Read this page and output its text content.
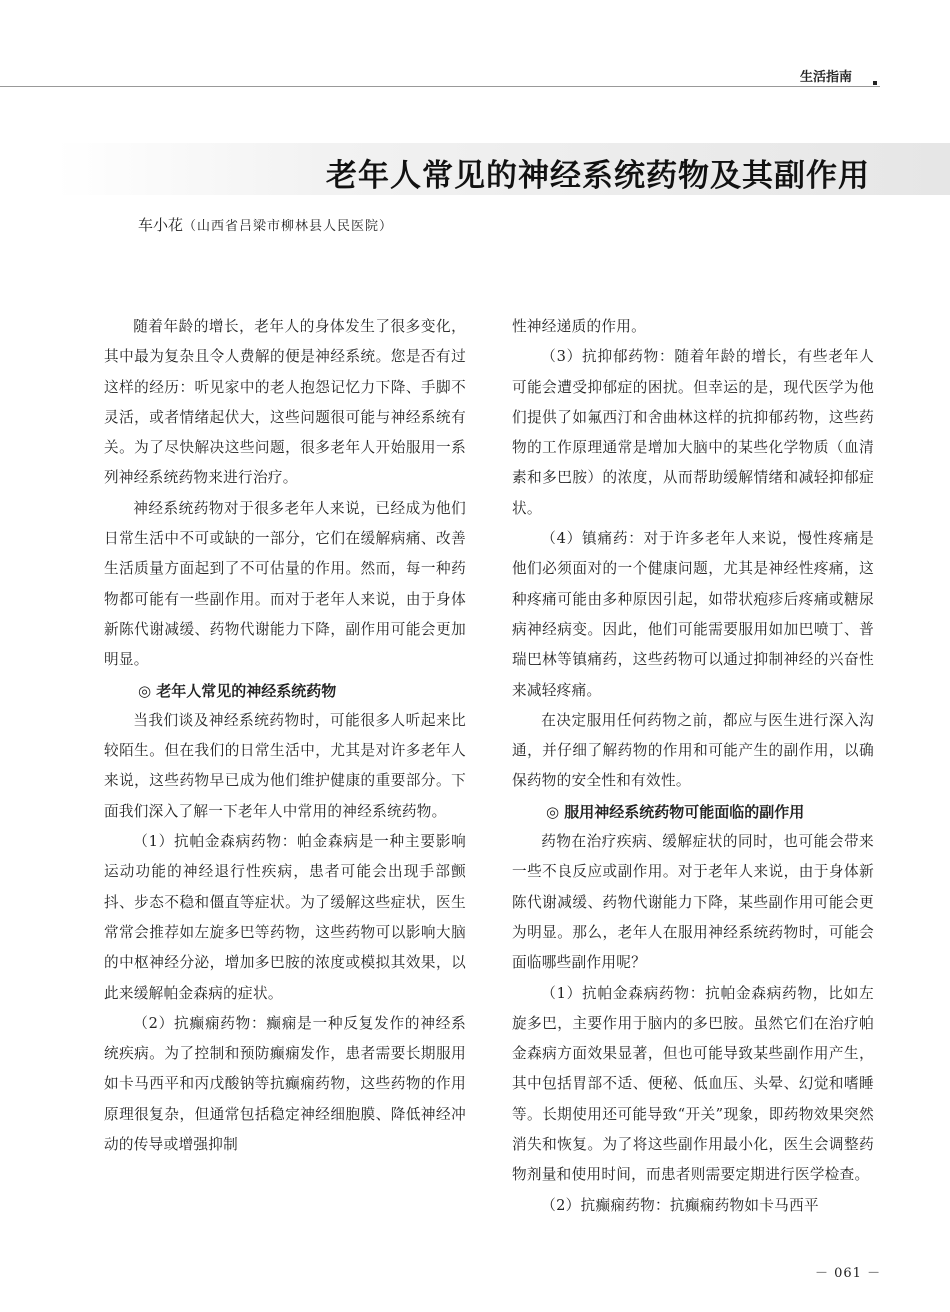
生活指南
老年人常见的神经系统药物及其副作用
车小花（山西省吕梁市柳林县人民医院）

随着年龄的增长，老年人的身体发生了很多变化，其中最为复杂且令人费解的便是神经系统。您是否有过这样的经历：听见家中的老人抱怨记忆力下降、手脚不灵活，或者情绪起伏大，这些问题很可能与神经系统有关。为了尽快解决这些问题，很多老年人开始服用一系列神经系统药物来进行治疗。

神经系统药物对于很多老年人来说，已经成为他们日常生活中不可或缺的一部分，它们在缓解病痛、改善生活质量方面起到了不可估量的作用。然而，每一种药物都可能有一些副作用。而对于老年人来说，由于身体新陈代谢减缓、药物代谢能力下降，副作用可能会更加明显。

◎ 老年人常见的神经系统药物

当我们谈及神经系统药物时，可能很多人听起来比较陌生。但在我们的日常生活中，尤其是对许多老年人来说，这些药物早已成为他们维护健康的重要部分。下面我们深入了解一下老年人中常用的神经系统药物。

（1）抗帕金森病药物：帕金森病是一种主要影响运动功能的神经退行性疾病，患者可能会出现手部颤抖、步态不稳和僵直等症状。为了缓解这些症状，医生常常会推荐如左旋多巴等药物，这些药物可以影响大脑的中枢神经分泌，增加多巴胺的浓度或模拟其效果，以此来缓解帕金森病的症状。

（2）抗癫痫药物：癫痫是一种反复发作的神经系统疾病。为了控制和预防癫痫发作，患者需要长期服用如卡马西平和丙戊酸钠等抗癫痫药物，这些药物的作用原理很复杂，但通常包括稳定神经细胞膜、降低神经冲动的传导或增强抑制

性神经递质的作用。

（3）抗抑郁药物：随着年龄的增长，有些老年人可能会遭受抑郁症的困扰。但幸运的是，现代医学为他们提供了如氟西汀和舍曲林这样的抗抑郁药物，这些药物的工作原理通常是增加大脑中的某些化学物质（血清素和多巴胺）的浓度，从而帮助缓解情绪和减轻抑郁症状。

（4）镇痛药：对于许多老年人来说，慢性疼痛是他们必须面对的一个健康问题，尤其是神经性疼痛，这种疼痛可能由多种原因引起，如带状疱疹后疼痛或糖尿病神经病变。因此，他们可能需要服用如加巴喷丁、普瑞巴林等镇痛药，这些药物可以通过抑制神经的兴奋性来减轻疼痛。

在决定服用任何药物之前，都应与医生进行深入沟通，并仔细了解药物的作用和可能产生的副作用，以确保药物的安全性和有效性。

◎ 服用神经系统药物可能面临的副作用

药物在治疗疾病、缓解症状的同时，也可能会带来一些不良反应或副作用。对于老年人来说，由于身体新陈代谢减缓、药物代谢能力下降，某些副作用可能会更为明显。那么，老年人在服用神经系统药物时，可能会面临哪些副作用呢？

（1）抗帕金森病药物：抗帕金森病药物，比如左旋多巴，主要作用于脑内的多巴胺。虽然它们在治疗帕金森病方面效果显著，但也可能导致某些副作用产生，其中包括胃部不适、便秘、低血压、头晕、幻觉和嗜睡等。长期使用还可能导致“开关”现象，即药物效果突然消失和恢复。为了将这些副作用最小化，医生会调整药物剂量和使用时间，而患者则需要定期进行医学检查。

（2）抗癫痫药物：抗癫痫药物如卡马西平

－ 061 －
